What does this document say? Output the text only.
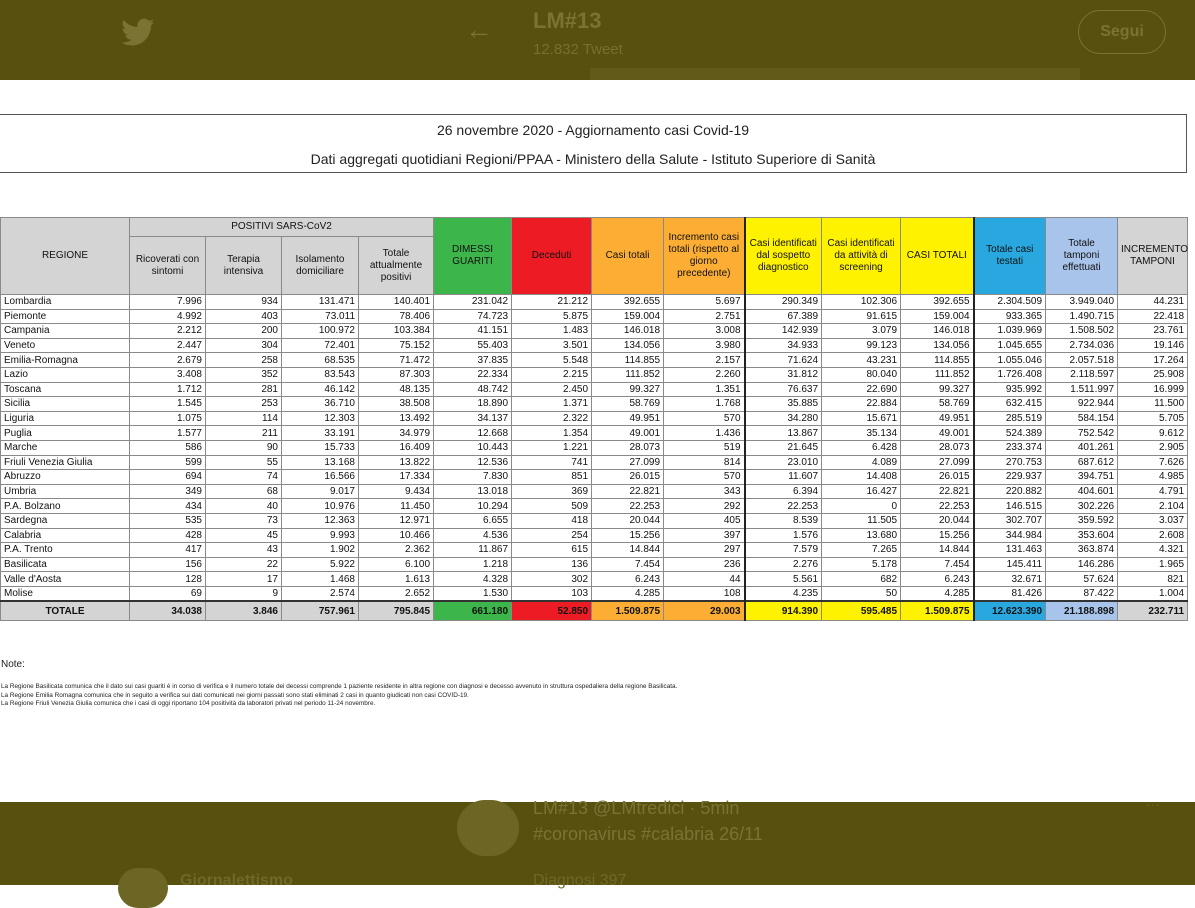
← LM#13
12.832 Tweet
Segui
26 novembre 2020 - Aggiornamento casi Covid-19
Dati aggregati quotidiani Regioni/PPAA - Ministero della Salute - Istituto Superiore di Sanità
REGIONE	POSITIVI SARS-CoV2				DIMESSI GUARITI	Deceduti	Casi totali	Incremento casi totali (rispetto al giorno precedente)	Casi identificati dal sospetto diagnostico	Casi identificati da attività di screening	CASI TOTALI	Totale casi testati	Totale tamponi effettuati	INCREMENTO TAMPONI
	Ricoverati con sintomi	Terapia intensiva	Isolamento domiciliare	Totale attualmente positivi										
Lombardia	7.996	934	131.471	140.401	231.042	21.212	392.655	5.697	290.349	102.306	392.655	2.304.509	3.949.040	44.231
Piemonte	4.992	403	73.011	78.406	74.723	5.875	159.004	2.751	67.389	91.615	159.004	933.365	1.490.715	22.418
Campania	2.212	200	100.972	103.384	41.151	1.483	146.018	3.008	142.939	3.079	146.018	1.039.969	1.508.502	23.761
Veneto	2.447	304	72.401	75.152	55.403	3.501	134.056	3.980	34.933	99.123	134.056	1.045.655	2.734.036	19.146
Emilia-Romagna	2.679	258	68.535	71.472	37.835	5.548	114.855	2.157	71.624	43.231	114.855	1.055.046	2.057.518	17.264
Lazio	3.408	352	83.543	87.303	22.334	2.215	111.852	2.260	31.812	80.040	111.852	1.726.408	2.118.597	25.908
Toscana	1.712	281	46.142	48.135	48.742	2.450	99.327	1.351	76.637	22.690	99.327	935.992	1.511.997	16.999
Sicilia	1.545	253	36.710	38.508	18.890	1.371	58.769	1.768	35.885	22.884	58.769	632.415	922.944	11.500
Liguria	1.075	114	12.303	13.492	34.137	2.322	49.951	570	34.280	15.671	49.951	285.519	584.154	5.705
Puglia	1.577	211	33.191	34.979	12.668	1.354	49.001	1.436	13.867	35.134	49.001	524.389	752.542	9.612
Marche	586	90	15.733	16.409	10.443	1.221	28.073	519	21.645	6.428	28.073	233.374	401.261	2.905
Friuli Venezia Giulia	599	55	13.168	13.822	12.536	741	27.099	814	23.010	4.089	27.099	270.753	687.612	7.626
Abruzzo	694	74	16.566	17.334	7.830	851	26.015	570	11.607	14.408	26.015	229.937	394.751	4.985
Umbria	349	68	9.017	9.434	13.018	369	22.821	343	6.394	16.427	22.821	220.882	404.601	4.791
P.A. Bolzano	434	40	10.976	11.450	10.294	509	22.253	292	22.253	0	22.253	146.515	302.226	2.104
Sardegna	535	73	12.363	12.971	6.655	418	20.044	405	8.539	11.505	20.044	302.707	359.592	3.037
Calabria	428	45	9.993	10.466	4.536	254	15.256	397	1.576	13.680	15.256	344.984	353.604	2.608
P.A. Trento	417	43	1.902	2.362	11.867	615	14.844	297	7.579	7.265	14.844	131.463	363.874	4.321
Basilicata	156	22	5.922	6.100	1.218	136	7.454	236	2.276	5.178	7.454	145.411	146.286	1.965
Valle d'Aosta	128	17	1.468	1.613	4.328	302	6.243	44	5.561	682	6.243	32.671	57.624	821
Molise	69	9	2.574	2.652	1.530	103	4.285	108	4.235	50	4.285	81.426	87.422	1.004
TOTALE	34.038	3.846	757.961	795.845	661.180	52.850	1.509.875	29.003	914.390	595.485	1.509.875	12.623.390	21.188.898	232.711
Note:
La Regione Basilicata comunica che il dato sui casi guariti è in corso di verifica e il numero totale dei decessi comprende 1 paziente residente in altra regione con diagnosi e decesso avvenuto in struttura ospedaliera della regione Basilicata.
La Regione Emilia Romagna comunica che in seguito a verifica sui dati comunicati nei giorni passati sono stati eliminati 2 casi in quanto giudicati non casi COVID-19.
La Regione Friuli Venezia Giulia comunica che i casi di oggi riportano 104 positività da laboratori privati nel periodo 11-24 novembre.
LM#13 @LMtredici · 5min
#coronavirus #calabria 26/11
···
Giornalettismo	Diagnosi 397
